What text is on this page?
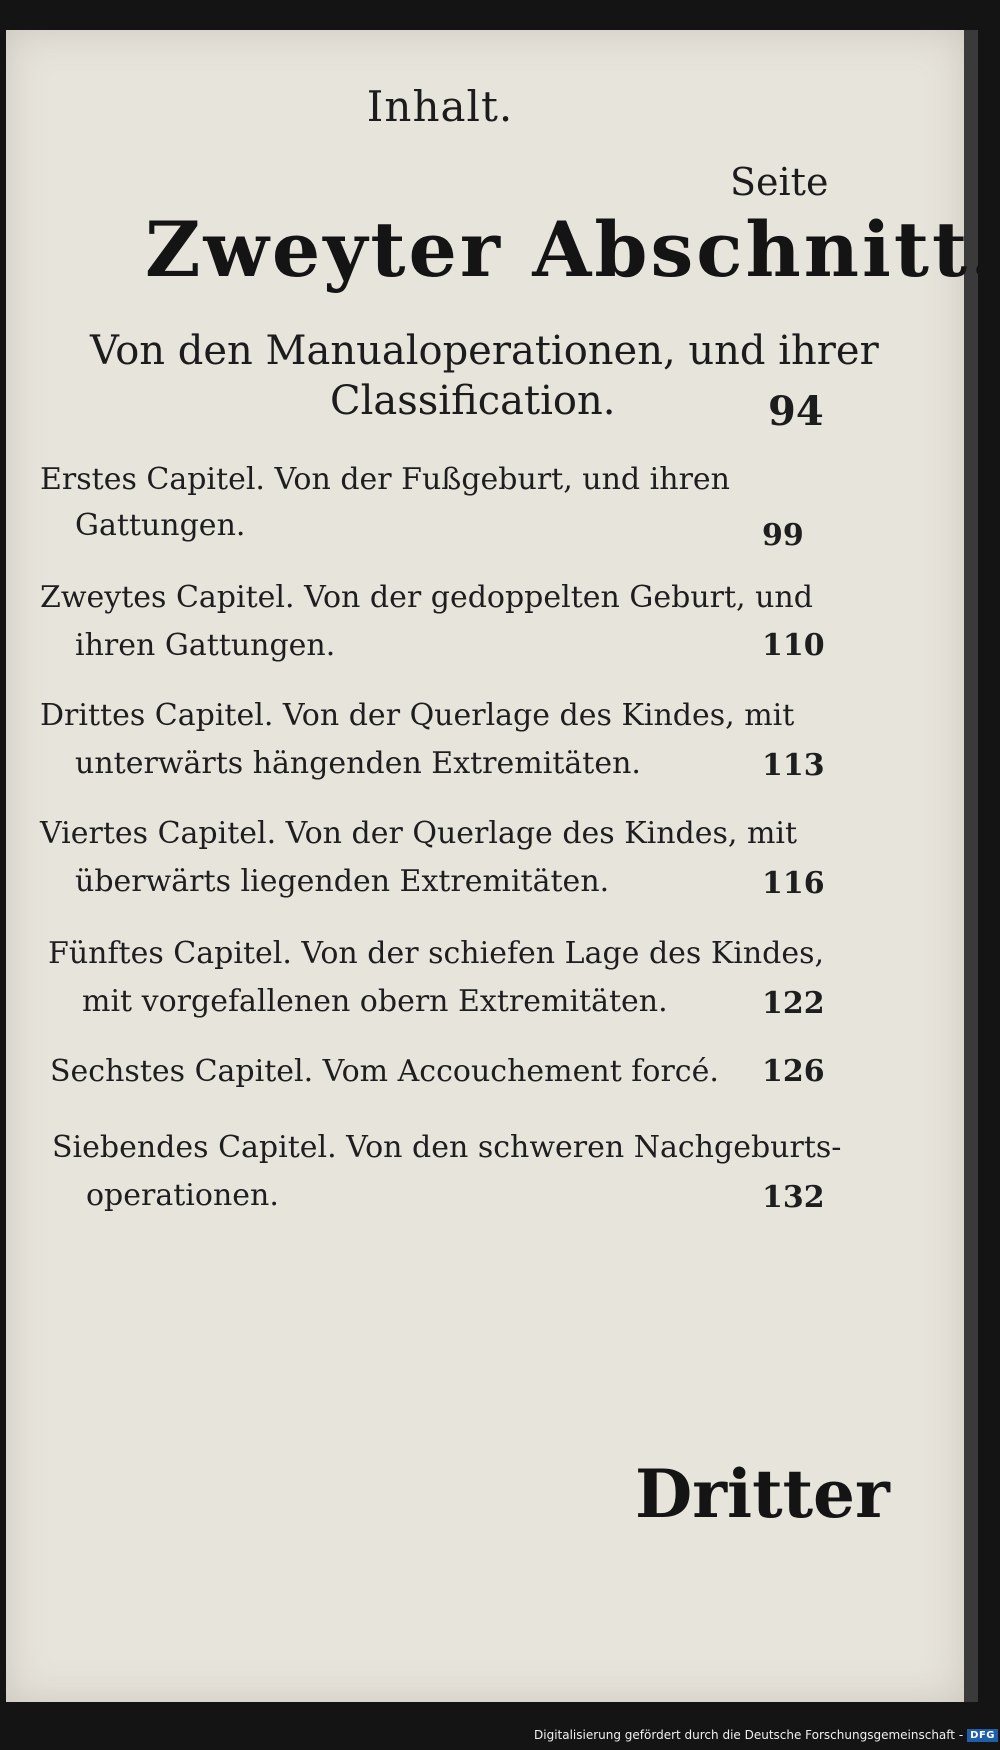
Inhalt.
Seite
Zweyter Abschnitt.
Von den Manualoperationen, und ihrer
Classification.	94
Erstes Capitel. Von der Fußgeburt, und ihren
Gattungen.	99
Zweytes Capitel. Von der gedoppelten Geburt, und
ihren Gattungen.	110
Drittes Capitel. Von der Querlage des Kindes, mit
unterwärts hängenden Extremitäten.	113
Viertes Capitel. Von der Querlage des Kindes, mit
überwärts liegenden Extremitäten.	116
Fünftes Capitel. Von der schiefen Lage des Kindes,
mit vorgefallenen obern Extremitäten.	122
Sechstes Capitel. Vom Accouchement forcé. 126
Siebendes Capitel. Von den schweren Nachgeburts-
operationen.	132
Dritter
Digitalisierung gefördert durch die Deutsche Forschungsgemeinschaft - DFG
